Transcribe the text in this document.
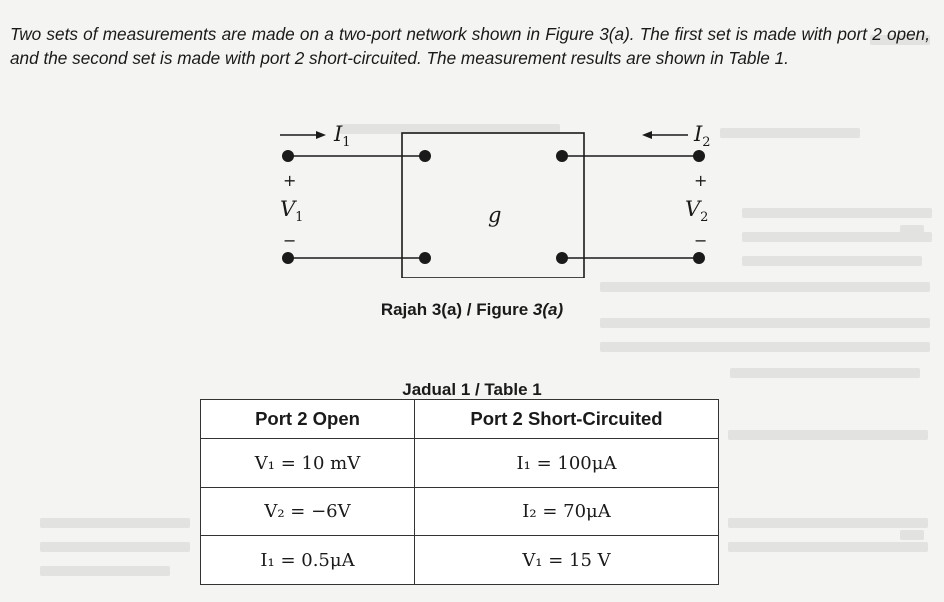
Two sets of measurements are made on a two-port network shown in Figure 3(a). The first set is made with port 2 open, and the second set is made with port 2 short-circuited. The measurement results are shown in Table 1.

$I_1$	$I_2$
$V_1$	$V_2$
g
+
−
+
−
Rajah 3(a) / Figure 3(a)
Jadual 1 / Table 1
Port 2 Open	Port 2 Short-Circuited
V₁ = 10 mV	I₁ = 100μA
V₂ = −6V	I₂ = 70μA
I₁ = 0.5μA	V₁ = 15 V
